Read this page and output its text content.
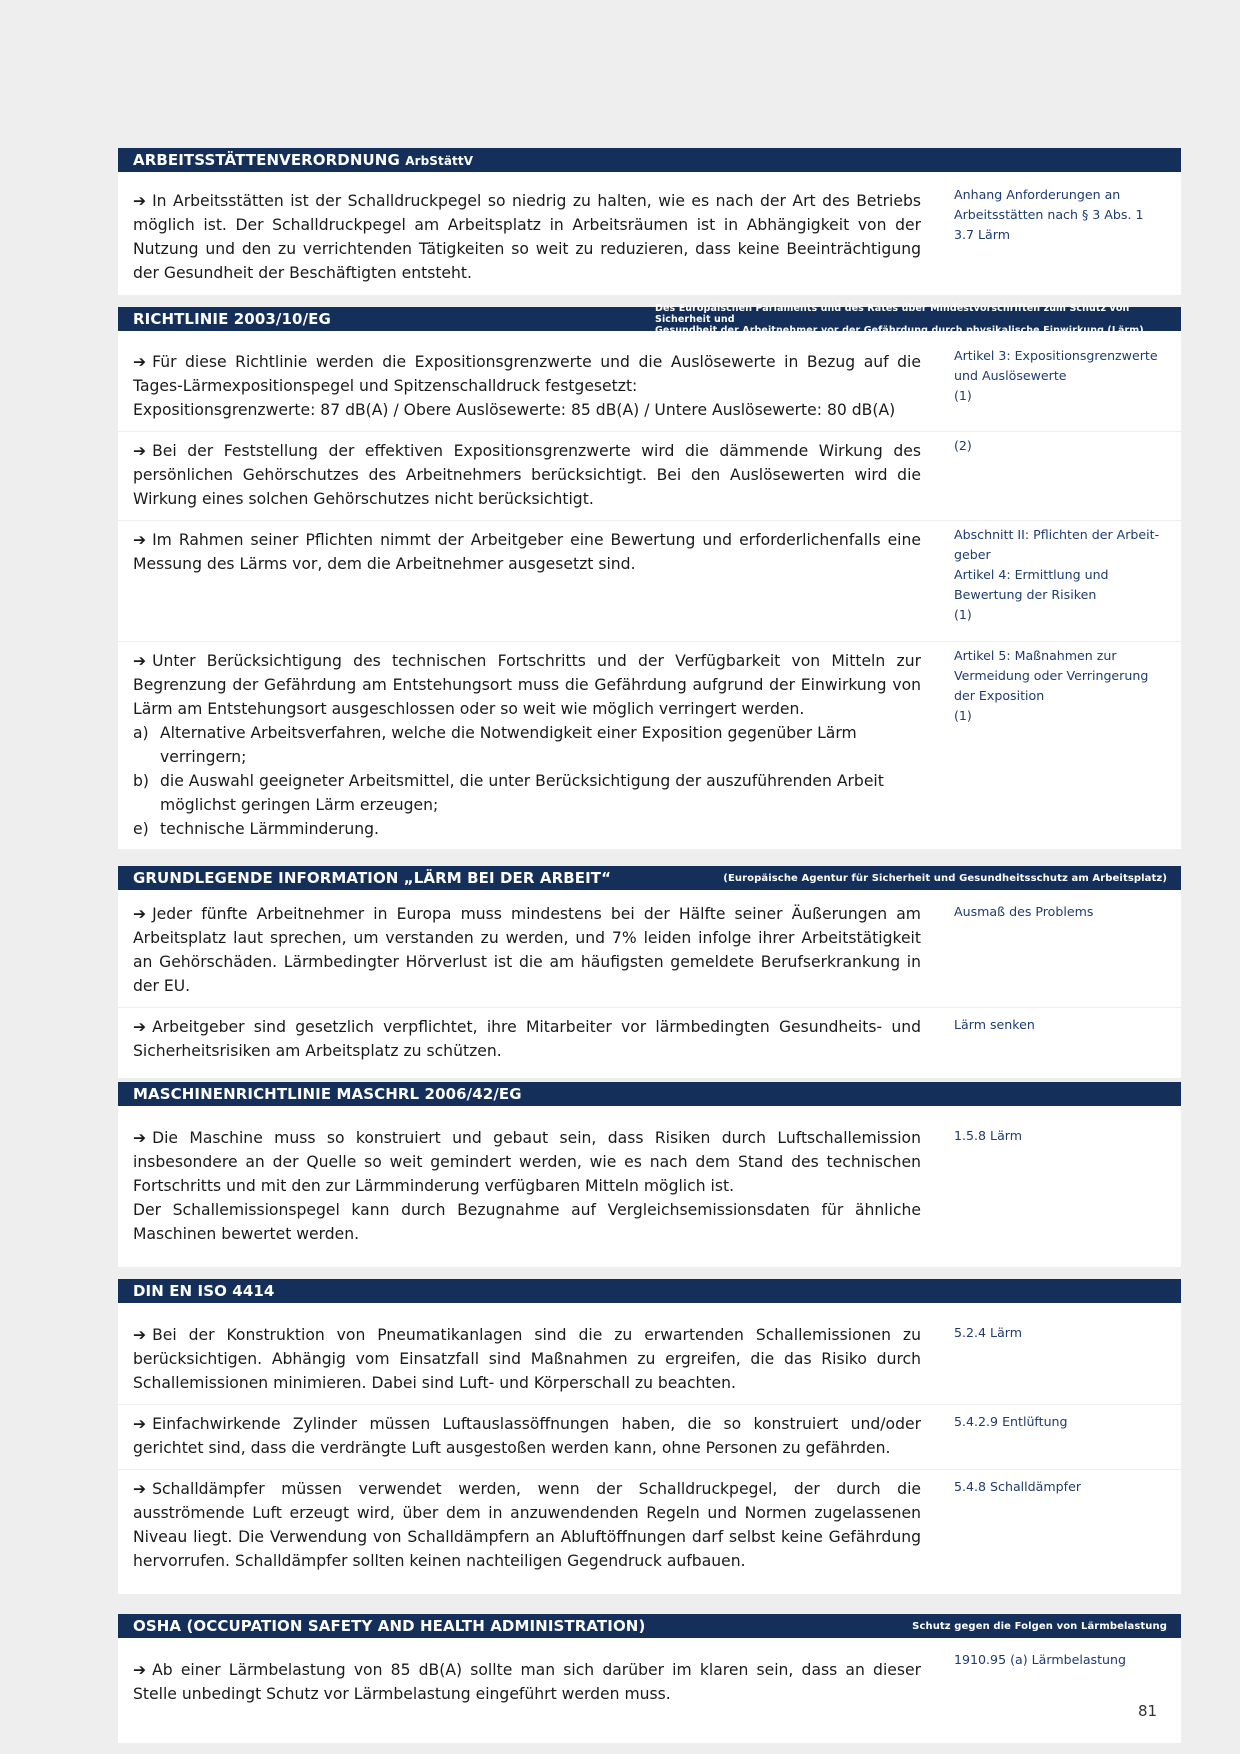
ARBEITSSTÄTTENVERORDNUNG ArbStättV
➔ In Arbeitsstätten ist der Schalldruckpegel so niedrig zu halten, wie es nach der Art des Betriebs möglich ist. Der Schalldruckpegel am Arbeitsplatz in Arbeitsräumen ist in Abhängigkeit von der Nutzung und den zu verrichtenden Tätigkeiten so weit zu reduzieren, dass keine Beeinträchtigung der Gesundheit der Beschäftigten entsteht.
Anhang Anforderungen an
Arbeitsstätten nach § 3 Abs. 1
3.7 Lärm
RICHTLINIE 2003/10/EG
Des Europäischen Parlaments und des Rates über Mindestvorschriften zum Schutz von Sicherheit und
Gesundheit der Arbeitnehmer vor der Gefährdung durch physikalische Einwirkung (Lärm)
➔ Für diese Richtlinie werden die Expositionsgrenzwerte und die Auslösewerte in Bezug auf die Tages-Lärmexpositionspegel und Spitzenschalldruck festgesetzt:
Expositionsgrenzwerte: 87 dB(A) / Obere Auslösewerte: 85 dB(A) / Untere Auslösewerte: 80 dB(A)
Artikel 3: Expositionsgrenzwerte
und Auslösewerte
(1)
➔ Bei der Feststellung der effektiven Expositionsgrenzwerte wird die dämmende Wirkung des persönlichen Gehörschutzes des Arbeitnehmers berücksichtigt. Bei den Auslösewerten wird die Wirkung eines solchen Gehörschutzes nicht berücksichtigt.
(2)
➔ Im Rahmen seiner Pflichten nimmt der Arbeitgeber eine Bewertung und erforderlichenfalls eine Messung des Lärms vor, dem die Arbeitnehmer ausgesetzt sind.
Abschnitt II: Pflichten der Arbeit-
geber
Artikel 4: Ermittlung und
Bewertung der Risiken
(1)
➔ Unter Berücksichtigung des technischen Fortschritts und der Verfügbarkeit von Mitteln zur Begrenzung der Gefährdung am Entstehungsort muss die Gefährdung aufgrund der Einwirkung von Lärm am Entstehungsort ausgeschlossen oder so weit wie möglich verringert werden.
a) Alternative Arbeitsverfahren, welche die Notwendigkeit einer Exposition gegenüber Lärm verringern;
b) die Auswahl geeigneter Arbeitsmittel, die unter Berücksichtigung der auszuführenden Arbeit möglichst geringen Lärm erzeugen;
e) technische Lärmminderung.
Artikel 5: Maßnahmen zur
Vermeidung oder Verringerung
der Exposition
(1)
GRUNDLEGENDE INFORMATION „LÄRM BEI DER ARBEIT“	(Europäische Agentur für Sicherheit und Gesundheitsschutz am Arbeitsplatz)
➔ Jeder fünfte Arbeitnehmer in Europa muss mindestens bei der Hälfte seiner Äußerungen am Arbeitsplatz laut sprechen, um verstanden zu werden, und 7% leiden infolge ihrer Arbeitstätigkeit an Gehörschäden. Lärmbedingter Hörverlust ist die am häufigsten gemeldete Berufserkrankung in der EU.
Ausmaß des Problems
➔ Arbeitgeber sind gesetzlich verpflichtet, ihre Mitarbeiter vor lärmbedingten Gesundheits- und Sicherheitsrisiken am Arbeitsplatz zu schützen.
Lärm senken
MASCHINENRICHTLINIE MASCHRL 2006/42/EG
➔ Die Maschine muss so konstruiert und gebaut sein, dass Risiken durch Luftschallemission insbesondere an der Quelle so weit gemindert werden, wie es nach dem Stand des technischen Fortschritts und mit den zur Lärmminderung verfügbaren Mitteln möglich ist.
Der Schallemissionspegel kann durch Bezugnahme auf Vergleichsemissionsdaten für ähnliche Maschinen bewertet werden.
1.5.8 Lärm
DIN EN ISO 4414
➔ Bei der Konstruktion von Pneumatikanlagen sind die zu erwartenden Schallemissionen zu berücksichtigen. Abhängig vom Einsatzfall sind Maßnahmen zu ergreifen, die das Risiko durch Schallemissionen minimieren. Dabei sind Luft- und Körperschall zu beachten.
5.2.4 Lärm
➔ Einfachwirkende Zylinder müssen Luftauslassöffnungen haben, die so konstruiert und/oder gerichtet sind, dass die verdrängte Luft ausgestoßen werden kann, ohne Personen zu gefährden.
5.4.2.9 Entlüftung
➔ Schalldämpfer müssen verwendet werden, wenn der Schalldruckpegel, der durch die ausströmende Luft erzeugt wird, über dem in anzuwendenden Regeln und Normen zugelassenen Niveau liegt. Die Verwendung von Schalldämpfern an Abluftöffnungen darf selbst keine Gefährdung hervorrufen. Schalldämpfer sollten keinen nachteiligen Gegendruck aufbauen.
5.4.8 Schalldämpfer
OSHA (OCCUPATION SAFETY AND HEALTH ADMINISTRATION)	Schutz gegen die Folgen von Lärmbelastung
➔ Ab einer Lärmbelastung von 85 dB(A) sollte man sich darüber im klaren sein, dass an dieser Stelle unbedingt Schutz vor Lärmbelastung eingeführt werden muss.
1910.95 (a) Lärmbelastung
81
